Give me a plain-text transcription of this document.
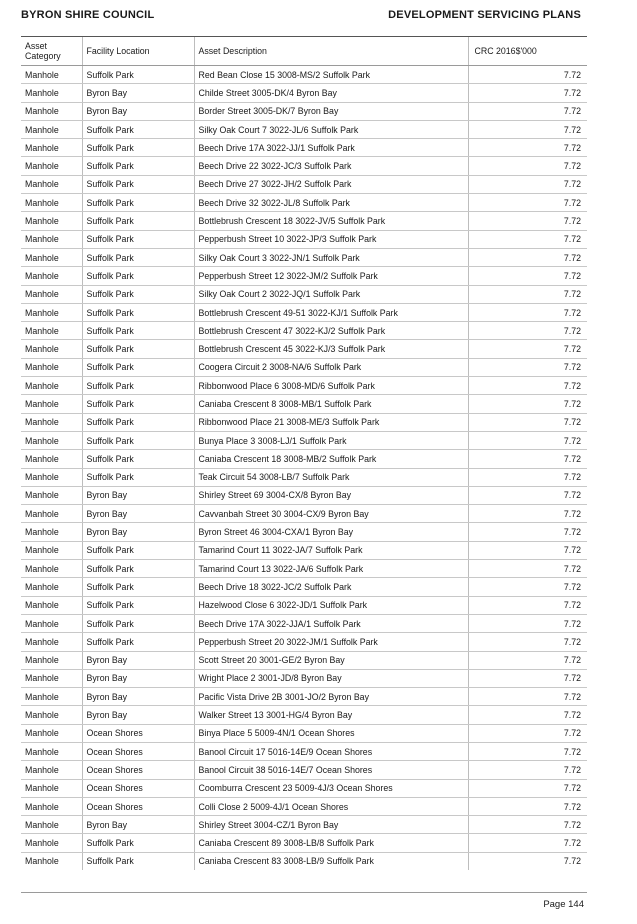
BYRON SHIRE COUNCIL	DEVELOPMENT SERVICING PLANS
Asset Category	Facility Location	Asset Description	CRC 2016$'000
Manhole	Suffolk Park	Red Bean Close 15 3008-MS/2 Suffolk Park	7.72
Manhole	Byron Bay	Childe Street 3005-DK/4 Byron Bay	7.72
Manhole	Byron Bay	Border Street 3005-DK/7 Byron Bay	7.72
Manhole	Suffolk Park	Silky Oak Court 7 3022-JL/6 Suffolk Park	7.72
Manhole	Suffolk Park	Beech Drive 17A 3022-JJ/1 Suffolk Park	7.72
Manhole	Suffolk Park	Beech Drive 22 3022-JC/3 Suffolk Park	7.72
Manhole	Suffolk Park	Beech Drive 27 3022-JH/2 Suffolk Park	7.72
Manhole	Suffolk Park	Beech Drive 32 3022-JL/8 Suffolk Park	7.72
Manhole	Suffolk Park	Bottlebrush Crescent 18 3022-JV/5 Suffolk Park	7.72
Manhole	Suffolk Park	Pepperbush Street 10 3022-JP/3 Suffolk Park	7.72
Manhole	Suffolk Park	Silky Oak Court 3 3022-JN/1 Suffolk Park	7.72
Manhole	Suffolk Park	Pepperbush Street 12 3022-JM/2 Suffolk Park	7.72
Manhole	Suffolk Park	Silky Oak Court 2 3022-JQ/1 Suffolk Park	7.72
Manhole	Suffolk Park	Bottlebrush Crescent 49-51 3022-KJ/1 Suffolk Park	7.72
Manhole	Suffolk Park	Bottlebrush Crescent 47 3022-KJ/2 Suffolk Park	7.72
Manhole	Suffolk Park	Bottlebrush Crescent 45 3022-KJ/3 Suffolk Park	7.72
Manhole	Suffolk Park	Coogera Circuit 2 3008-NA/6 Suffolk Park	7.72
Manhole	Suffolk Park	Ribbonwood Place 6 3008-MD/6 Suffolk Park	7.72
Manhole	Suffolk Park	Caniaba Crescent 8 3008-MB/1 Suffolk Park	7.72
Manhole	Suffolk Park	Ribbonwood Place 21 3008-ME/3 Suffolk Park	7.72
Manhole	Suffolk Park	Bunya Place 3 3008-LJ/1 Suffolk Park	7.72
Manhole	Suffolk Park	Caniaba Crescent 18 3008-MB/2 Suffolk Park	7.72
Manhole	Suffolk Park	Teak Circuit 54 3008-LB/7 Suffolk Park	7.72
Manhole	Byron Bay	Shirley Street 69 3004-CX/8 Byron Bay	7.72
Manhole	Byron Bay	Cavvanbah Street 30 3004-CX/9 Byron Bay	7.72
Manhole	Byron Bay	Byron Street 46 3004-CXA/1 Byron Bay	7.72
Manhole	Suffolk Park	Tamarind Court 11 3022-JA/7 Suffolk Park	7.72
Manhole	Suffolk Park	Tamarind Court 13 3022-JA/6 Suffolk Park	7.72
Manhole	Suffolk Park	Beech Drive 18 3022-JC/2 Suffolk Park	7.72
Manhole	Suffolk Park	Hazelwood Close 6 3022-JD/1 Suffolk Park	7.72
Manhole	Suffolk Park	Beech Drive 17A 3022-JJA/1 Suffolk Park	7.72
Manhole	Suffolk Park	Pepperbush Street 20 3022-JM/1 Suffolk Park	7.72
Manhole	Byron Bay	Scott Street 20 3001-GE/2 Byron Bay	7.72
Manhole	Byron Bay	Wright Place 2 3001-JD/8 Byron Bay	7.72
Manhole	Byron Bay	Pacific Vista Drive 2B 3001-JO/2 Byron Bay	7.72
Manhole	Byron Bay	Walker Street 13 3001-HG/4 Byron Bay	7.72
Manhole	Ocean Shores	Binya Place 5 5009-4N/1 Ocean Shores	7.72
Manhole	Ocean Shores	Banool Circuit 17 5016-14E/9 Ocean Shores	7.72
Manhole	Ocean Shores	Banool Circuit 38 5016-14E/7 Ocean Shores	7.72
Manhole	Ocean Shores	Coomburra Crescent 23 5009-4J/3 Ocean Shores	7.72
Manhole	Ocean Shores	Colli Close 2 5009-4J/1 Ocean Shores	7.72
Manhole	Byron Bay	Shirley Street 3004-CZ/1 Byron Bay	7.72
Manhole	Suffolk Park	Caniaba Crescent 89 3008-LB/8 Suffolk Park	7.72
Manhole	Suffolk Park	Caniaba Crescent 83 3008-LB/9 Suffolk Park	7.72
Page 144
